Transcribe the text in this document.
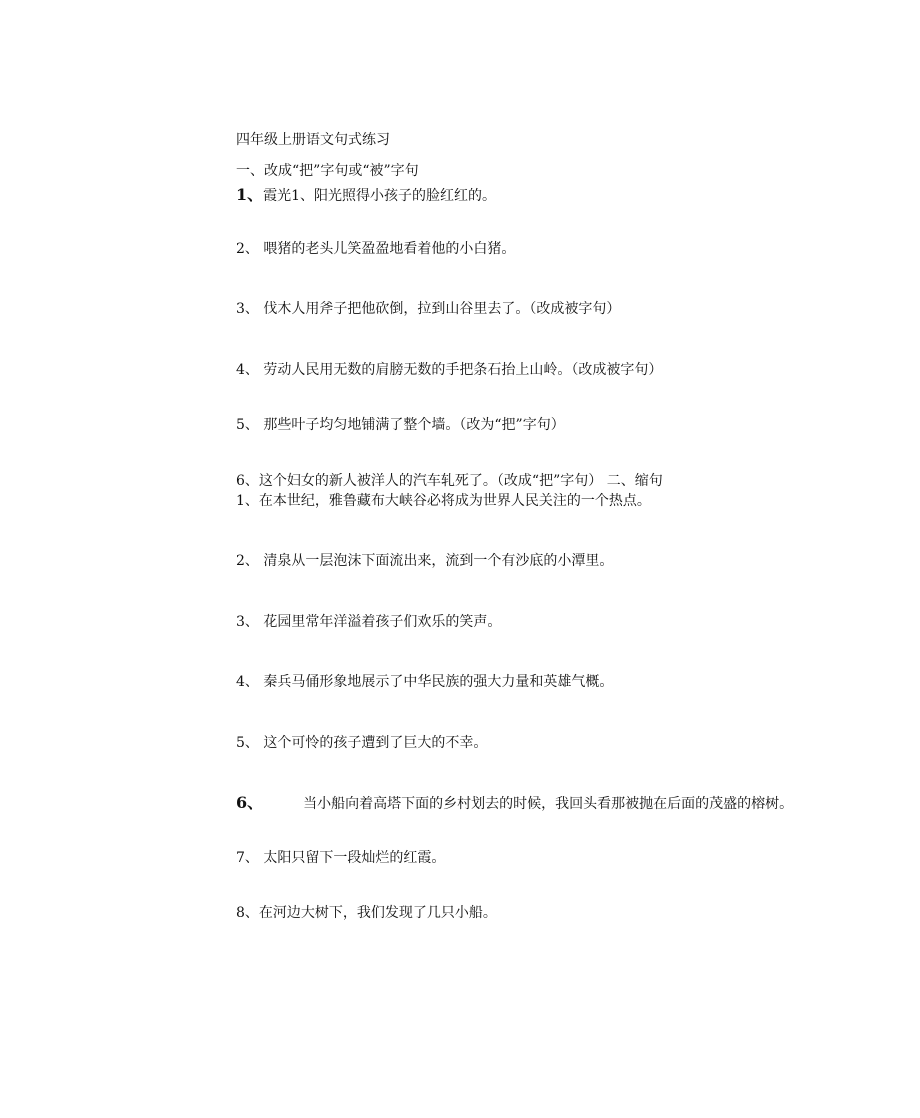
四年级上册语文句式练习
一、改成“把”字句或“被”字句
1、霞光1、阳光照得小孩子的脸红红的。
2、 喂猪的老头儿笑盈盈地看着他的小白猪。
3、 伐木人用斧子把他砍倒，拉到山谷里去了。（改成被字句）
4、 劳动人民用无数的肩膀无数的手把条石抬上山岭。（改成被字句）
5、 那些叶子均匀地铺满了整个墙。（改为“把”字句）
6、这个妇女的新人被洋人的汽车轧死了。（改成“把”字句） 二、缩句
1、在本世纪，雅鲁藏布大峡谷必将成为世界人民关注的一个热点。
2、 清泉从一层泡沫下面流出来，流到一个有沙底的小潭里。
3、 花园里常年洋溢着孩子们欢乐的笑声。
4、 秦兵马俑形象地展示了中华民族的强大力量和英雄气概。
5、 这个可怜的孩子遭到了巨大的不幸。
6、	当小船向着高塔下面的乡村划去的时候，我回头看那被抛在后面的茂盛的榕树。
7、 太阳只留下一段灿烂的红霞。
8、在河边大树下，我们发现了几只小船。
